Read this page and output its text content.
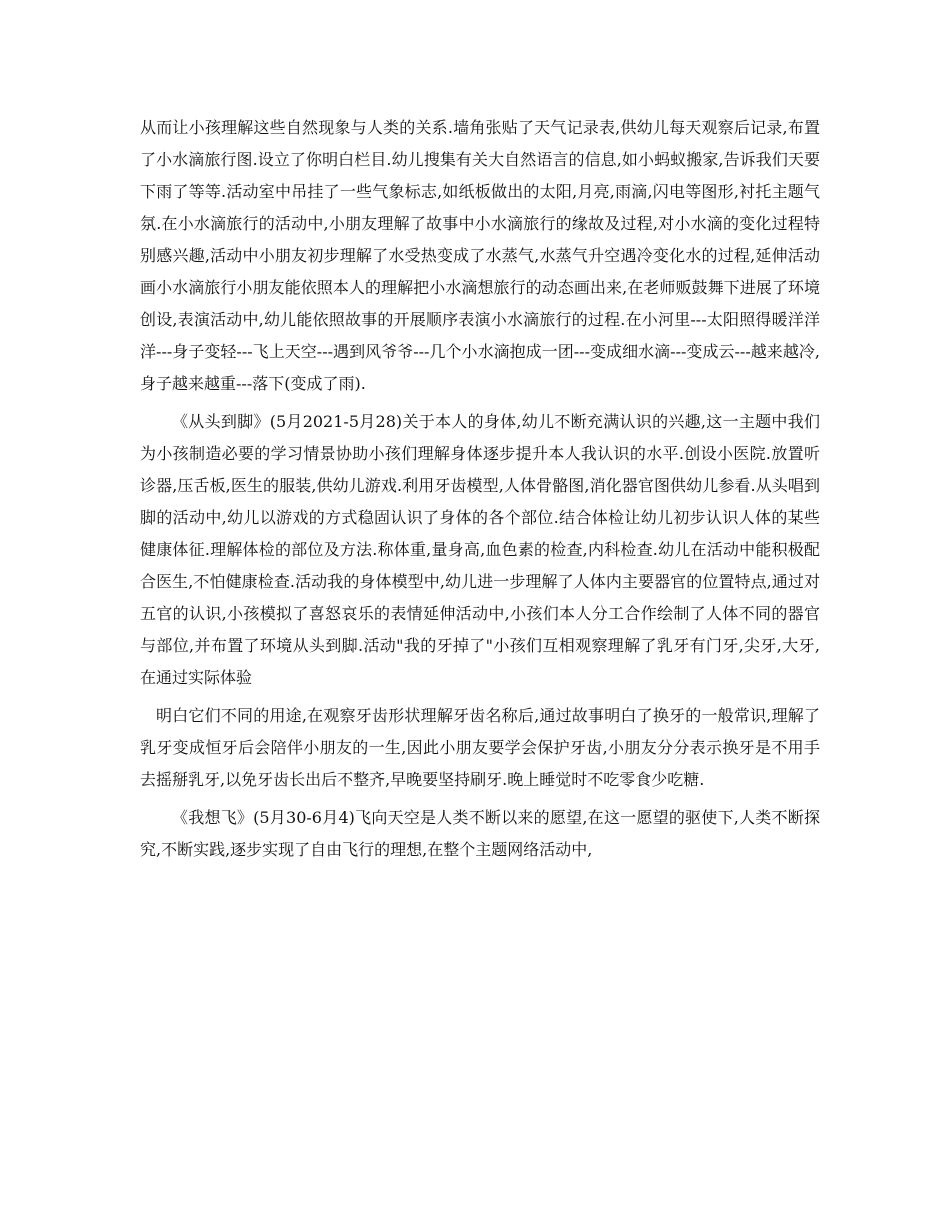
从而让小孩理解这些自然现象与人类的关系.墙角张贴了天气记录表,供幼儿每天观察后记录,布置了小水滴旅行图.设立了你明白栏目.幼儿搜集有关大自然语言的信息,如小蚂蚁搬家,告诉我们天要下雨了等等.活动室中吊挂了一些气象标志,如纸板做出的太阳,月亮,雨滴,闪电等图形,衬托主题气氛.在小水滴旅行的活动中,小朋友理解了故事中小水滴旅行的缘故及过程,对小水滴的变化过程特别感兴趣,活动中小朋友初步理解了水受热变成了水蒸气,水蒸气升空遇冷变化水的过程,延伸活动画小水滴旅行小朋友能依照本人的理解把小水滴想旅行的动态画出来,在老师贩鼓舞下进展了环境创设,表演活动中,幼儿能依照故事的开展顺序表演小水滴旅行的过程.在小河里---太阳照得暖洋洋洋---身子变轻---飞上天空---遇到风爷爷---几个小水滴抱成一团---变成细水滴---变成云---越来越冷,身子越来越重---落下(变成了雨).

《从头到脚》(5月2021-5月28)关于本人的身体,幼儿不断充满认识的兴趣,这一主题中我们为小孩制造必要的学习情景协助小孩们理解身体逐步提升本人我认识的水平.创设小医院.放置听诊器,压舌板,医生的服装,供幼儿游戏.利用牙齿模型,人体骨骼图,消化器官图供幼儿参看.从头唱到脚的活动中,幼儿以游戏的方式稳固认识了身体的各个部位.结合体检让幼儿初步认识人体的某些健康体征.理解体检的部位及方法.称体重,量身高,血色素的检查,内科检查.幼儿在活动中能积极配合医生,不怕健康检查.活动我的身体模型中,幼儿进一步理解了人体内主要器官的位置特点,通过对五官的认识,小孩模拟了喜怒哀乐的表情延伸活动中,小孩们本人分工合作绘制了人体不同的器官与部位,并布置了环境从头到脚.活动"我的牙掉了"小孩们互相观察理解了乳牙有门牙,尖牙,大牙,在通过实际体验

明白它们不同的用途,在观察牙齿形状理解牙齿名称后,通过故事明白了换牙的一般常识,理解了乳牙变成恒牙后会陪伴小朋友的一生,因此小朋友要学会保护牙齿,小朋友分分表示换牙是不用手去摇掰乳牙,以免牙齿长出后不整齐,早晚要坚持刷牙.晚上睡觉时不吃零食少吃糖.

《我想飞》(5月30-6月4)飞向天空是人类不断以来的愿望,在这一愿望的驱使下,人类不断探究,不断实践,逐步实现了自由飞行的理想,在整个主题网络活动中,
